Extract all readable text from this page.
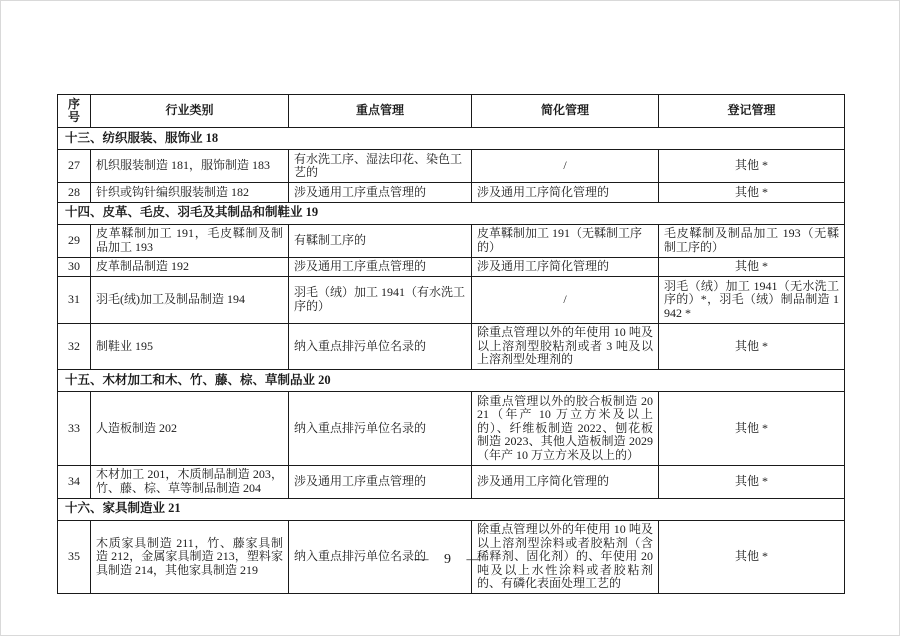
序号	行业类别	重点管理	简化管理	登记管理
十三、纺织服装、服饰业 18				
27	机织服装制造 181，服饰制造 183	有水洗工序、湿法印花、染色工艺的	/	其他 *
28	针织或钩针编织服装制造 182	涉及通用工序重点管理的	涉及通用工序简化管理的	其他 *
十四、皮革、毛皮、羽毛及其制品和制鞋业 19				
29	皮革鞣制加工 191，毛皮鞣制及制品加工 193	有鞣制工序的	皮革鞣制加工 191（无鞣制工序的）	毛皮鞣制及制品加工 193（无鞣制工序的）
30	皮革制品制造 192	涉及通用工序重点管理的	涉及通用工序简化管理的	其他 *
31	羽毛(绒)加工及制品制造 194	羽毛（绒）加工 1941（有水洗工序的）	/	羽毛（绒）加工 1941（无水洗工序的）*，羽毛（绒）制品制造 1942 *
32	制鞋业 195	纳入重点排污单位名录的	除重点管理以外的年使用 10 吨及以上溶剂型胶粘剂或者 3 吨及以上溶剂型处理剂的	其他 *
十五、木材加工和木、竹、藤、棕、草制品业 20				
33	人造板制造 202	纳入重点排污单位名录的	除重点管理以外的胶合板制造 2021（年产 10 万立方米及以上的）、纤维板制造 2022、刨花板制造 2023、其他人造板制造 2029（年产 10 万立方米及以上的）	其他 *
34	木材加工 201，木质制品制造 203，竹、藤、棕、草等制品制造 204	涉及通用工序重点管理的	涉及通用工序简化管理的	其他 *
十六、家具制造业 21				
35	木质家具制造 211，竹、藤家具制造 212，金属家具制造 213，塑料家具制造 214，其他家具制造 219	纳入重点排污单位名录的	除重点管理以外的年使用 10 吨及以上溶剂型涂料或者胶粘剂（含稀释剂、固化剂）的、年使用 20 吨及以上水性涂料或者胶粘剂的、有磷化表面处理工艺的	其他 *
— 9 —
